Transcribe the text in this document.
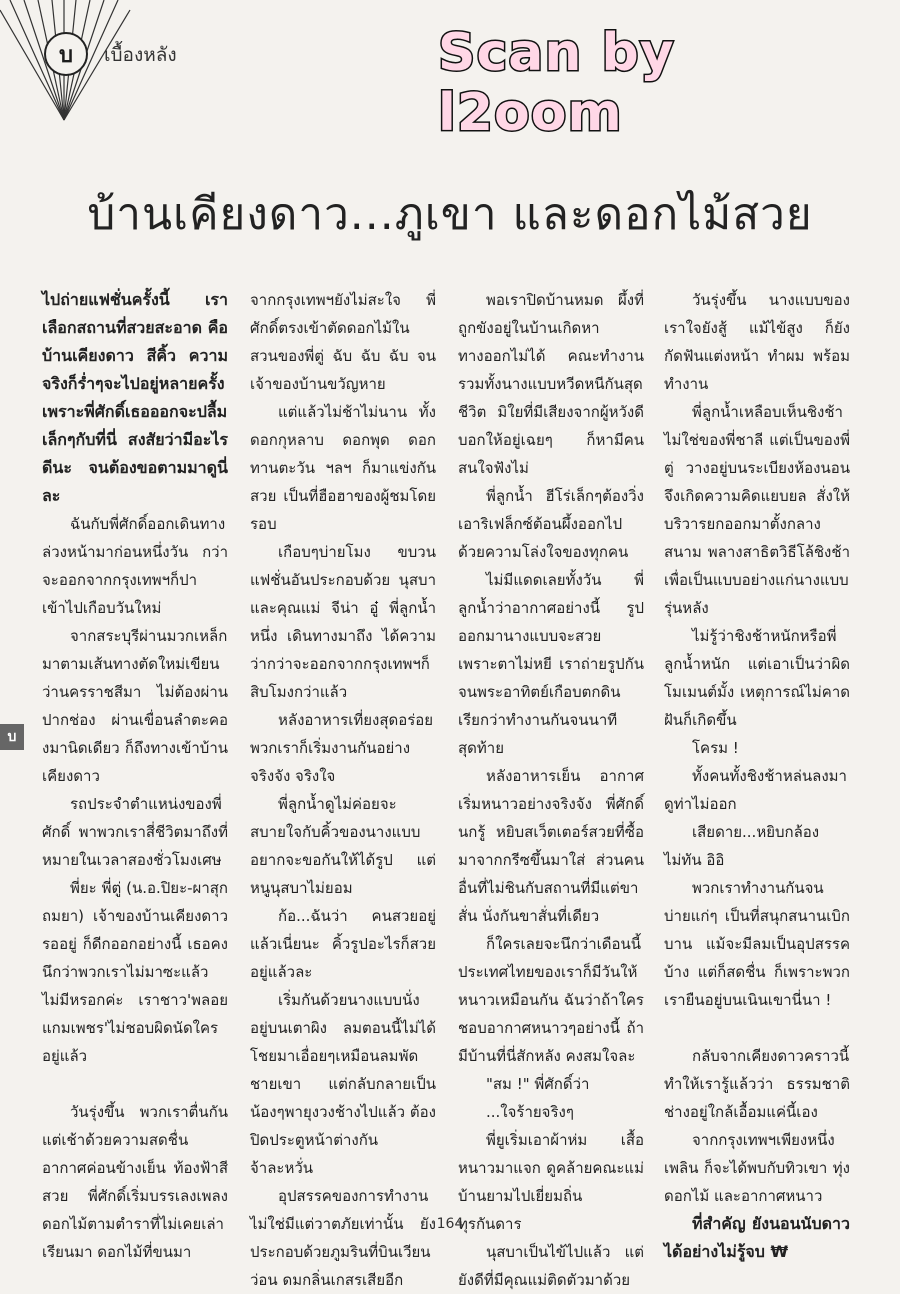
บ เบื้องหลัง	Scan by l2oom
บ้านเคียงดาว...ภูเขา และดอกไม้สวย

ไปถ่ายแฟชั่นครั้งนี้ เราเลือกสถานที่สวยสะอาด คือ บ้านเคียงดาว สีคิ้ว ความจริงก็ร่ำๆจะไปอยู่หลายครั้ง เพราะพี่ศักดิ์เธอออกจะปลื้มเล็กๆกับที่นี่ สงสัยว่ามีอะไรดีนะ จนต้องขอตามมาดูนี่ละ

ฉันกับพี่ศักดิ์ออกเดินทางล่วงหน้ามาก่อนหนึ่งวัน กว่าจะออกจากกรุงเทพฯก็ปาเข้าไปเกือบวันใหม่

จากสระบุรีผ่านมวกเหล็ก มาตามเส้นทางตัดใหม่เขียนว่านครราชสีมา ไม่ต้องผ่านปากช่อง ผ่านเขื่อนลำตะคองมานิดเดียว ก็ถึงทางเข้าบ้านเคียงดาว

รถประจำตำแหน่งของพี่ศักดิ์ พาพวกเราสี่ชีวิตมาถึงที่หมายในเวลาสองชั่วโมงเศษ

พี่ยะ พี่ตู่ (น.อ.ปิยะ-ผาสุก ถมยา) เจ้าของบ้านเคียงดาวรออยู่ ก็ดีกออกอย่างนี้ เธอคงนึกว่าพวกเราไม่มาซะแล้ว ไม่มีหรอกค่ะ เราชาว'พลอยแกมเพชร'ไม่ชอบผิดนัดใครอยู่แล้ว

วันรุ่งขึ้น พวกเราตื่นกันแต่เช้าด้วยความสดชื่น อากาศค่อนข้างเย็น ท้องฟ้าสีสวย พี่ศักดิ์เริ่มบรรเลงเพลงดอกไม้ตามตำราที่ไม่เคยเล่าเรียนมา ดอกไม้ที่ขนมา

จากกรุงเทพฯยังไม่สะใจ พี่ศักดิ์ตรงเข้าตัดดอกไม้ในสวนของพี่ตู่ ฉับ ฉับ ฉับ จนเจ้าของบ้านขวัญหาย

แต่แล้วไม่ช้าไม่นาน ทั้งดอกกุหลาบ ดอกพุด ดอกทานตะวัน ฯลฯ ก็มาแข่งกันสวย เป็นที่ฮือฮาของผู้ชมโดยรอบ

เกือบๆบ่ายโมง ขบวนแฟชั่นอันประกอบด้วย นุสบาและคุณแม่ จีน่า อู๋ พี่ลูกน้ำหนึ่ง เดินทางมาถึง ได้ความว่ากว่าจะออกจากกรุงเทพฯก็สิบโมงกว่าแล้ว

หลังอาหารเที่ยงสุดอร่อย พวกเราก็เริ่มงานกันอย่างจริงจัง จริงใจ

พี่ลูกน้ำดูไม่ค่อยจะสบายใจกับคิ้วของนางแบบ อยากจะขอกันให้ได้รูป แต่หนูนุสบาไม่ยอม

ก้อ...ฉันว่า คนสวยอยู่แล้วเนี่ยนะ คิ้วรูปอะไรก็สวยอยู่แล้วละ

เริ่มกันด้วยนางแบบนั่งอยู่บนเตาผิง ลมตอนนี้ไม่ได้โชยมาเอื่อยๆเหมือนลมพัดชายเขา แต่กลับกลายเป็นน้องๆพายุงวงช้างไปแล้ว ต้องปิดประตูหน้าต่างกันจ้าละหวั่น

อุปสรรคของการทำงานไม่ใช่มีแต่วาตภัยเท่านั้น ยังประกอบด้วยภูมรินที่บินเวียนว่อน ดมกลิ่นเกสรเสียอีก

พอเราปิดบ้านหมด ผึ้งที่ถูกขังอยู่ในบ้านเกิดหาทางออกไม่ได้ คณะทำงานรวมทั้งนางแบบหวีดหนีกันสุดชีวิต มิใยที่มีเสียงจากผู้หวังดีบอกให้อยู่เฉยๆ ก็หามีคนสนใจฟังไม่

พี่ลูกน้ำ ฮีโร่เล็กๆต้องวิ่งเอาริเฟล็กซ์ต้อนผึ้งออกไปด้วยความโล่งใจของทุกคน

ไม่มีแดดเลยทั้งวัน พี่ลูกน้ำว่าอากาศอย่างนี้ รูปออกมานางแบบจะสวย เพราะตาไม่หยี เราถ่ายรูปกันจนพระอาทิตย์เกือบตกดิน เรียกว่าทำงานกันจนนาทีสุดท้าย

หลังอาหารเย็น อากาศเริ่มหนาวอย่างจริงจัง พี่ศักดิ์นกรู้ หยิบสเว็ตเตอร์สวยที่ซื้อมาจากกรีซขึ้นมาใส่ ส่วนคนอื่นที่ไม่ชินกับสถานที่มีแต่ขาสั่น นั่งกันขาสั่นที่เดียว

ก็ใครเลยจะนึกว่าเดือนนี้ ประเทศไทยของเราก็มีวันให้หนาวเหมือนกัน ฉันว่าถ้าใครชอบอากาศหนาวๆอย่างนี้ ถ้ามีบ้านที่นี่สักหลัง คงสมใจละ

"สม !" พี่ศักดิ์ว่า

...ใจร้ายจริงๆ

พี่ยูเริ่มเอาผ้าห่ม เสื้อหนาวมาแจก ดูคล้ายคณะแม่บ้านยามไปเยี่ยมถิ่นทุรกันดาร

นุสบาเป็นไข้ไปแล้ว แต่ยังดีที่มีคุณแม่ติดตัวมาด้วย

วันรุ่งขึ้น นางแบบของเราใจยังสู้ แม้ไข้สูง ก็ยังกัดฟันแต่งหน้า ทำผม พร้อมทำงาน

พี่ลูกน้ำเหลือบเห็นชิงช้าไม่ใช่ของพี่ชาลี แต่เป็นของพี่ตู่ วางอยู่บนระเบียงห้องนอน จึงเกิดความคิดแยบยล สั่งให้บริวารยกออกมาตั้งกลางสนาม พลางสาธิตวิธีโล้ชิงช้าเพื่อเป็นแบบอย่างแก่นางแบบรุ่นหลัง

ไม่รู้ว่าชิงช้าหนักหรือพี่ลูกน้ำหนัก แต่เอาเป็นว่าผิดโมเมนต์มั้ง เหตุการณ์ไม่คาดฝันก็เกิดขึ้น

โครม !

ทั้งคนทั้งชิงช้าหล่นลงมาดูท่าไม่ออก

เสียดาย...หยิบกล้องไม่ทัน อิอิ

พวกเราทำงานกันจนบ่ายแก่ๆ เป็นที่สนุกสนานเบิกบาน แม้จะมีลมเป็นอุปสรรคบ้าง แต่ก็สดชื่น ก็เพราะพวกเรายืนอยู่บนเนินเขานี่นา !

กลับจากเคียงดาวคราวนี้ ทำให้เรารู้แล้วว่า ธรรมชาติช่างอยู่ใกล้เอื้อมแค่นี้เอง

จากกรุงเทพฯเพียงหนึ่งเพลิน ก็จะได้พบกับทิวเขา ทุ่งดอกไม้ และอากาศหนาว

ที่สำคัญ ยังนอนนับดาวได้อย่างไม่รู้จบ ₩

บ
164
